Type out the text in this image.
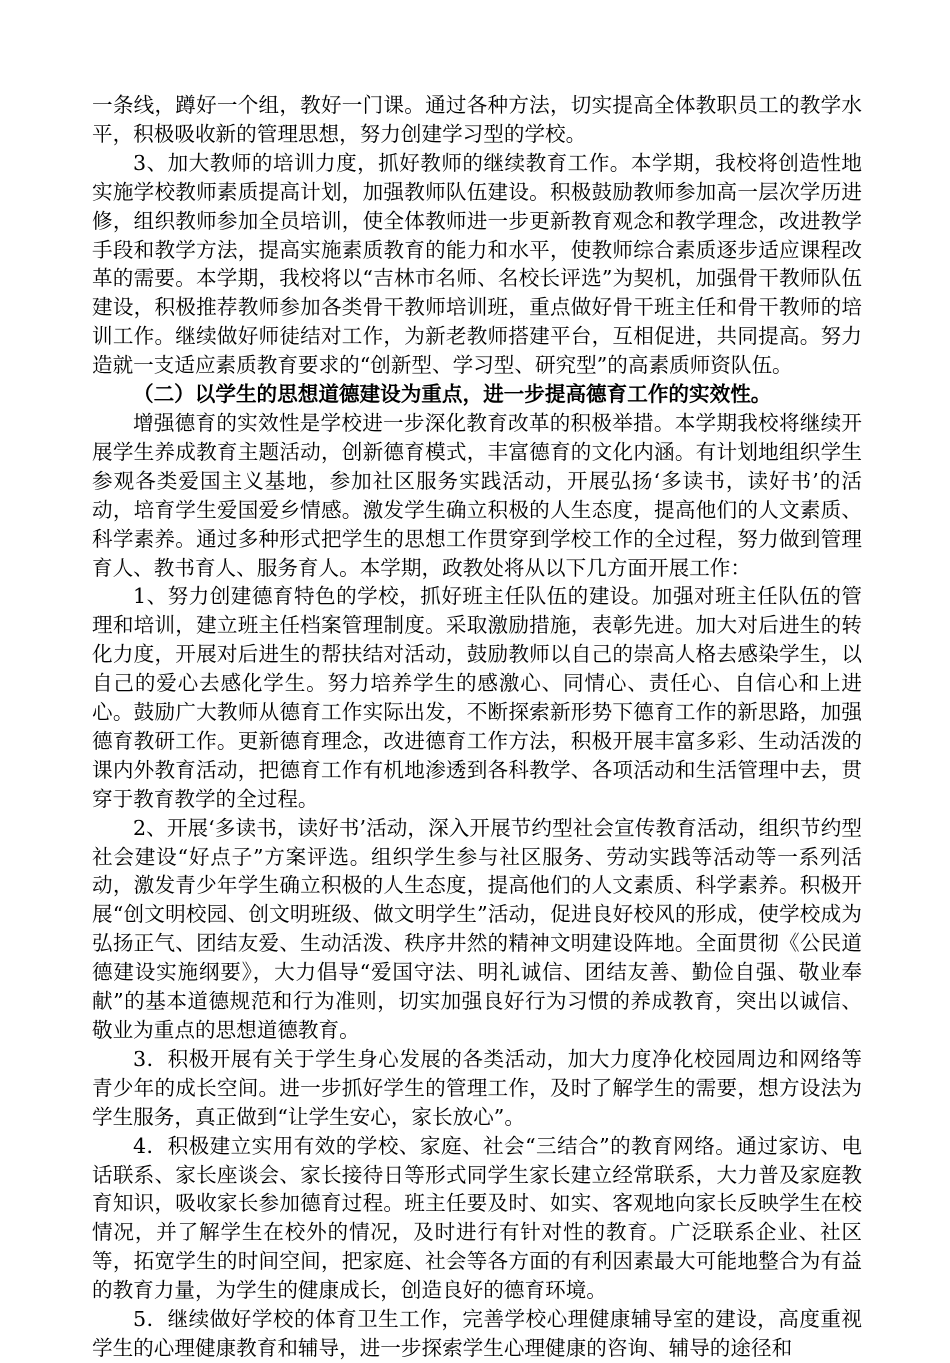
一条线，蹲好一个组，教好一门课。通过各种方法，切实提高全体教职员工的教学水平，积极吸收新的管理思想，努力创建学习型的学校。

3、加大教师的培训力度，抓好教师的继续教育工作。本学期，我校将创造性地实施学校教师素质提高计划，加强教师队伍建设。积极鼓励教师参加高一层次学历进修，组织教师参加全员培训，使全体教师进一步更新教育观念和教学理念，改进教学手段和教学方法，提高实施素质教育的能力和水平，使教师综合素质逐步适应课程改革的需要。本学期，我校将以“吉林市名师、名校长评选”为契机，加强骨干教师队伍建设，积极推荐教师参加各类骨干教师培训班，重点做好骨干班主任和骨干教师的培训工作。继续做好师徒结对工作，为新老教师搭建平台，互相促进，共同提高。努力造就一支适应素质教育要求的“创新型、学习型、研究型”的高素质师资队伍。

（二）以学生的思想道德建设为重点，进一步提高德育工作的实效性。

增强德育的实效性是学校进一步深化教育改革的积极举措。本学期我校将继续开展学生养成教育主题活动，创新德育模式，丰富德育的文化内涵。有计划地组织学生参观各类爱国主义基地，参加社区服务实践活动，开展弘扬‘多读书，读好书’的活动，培育学生爱国爱乡情感。激发学生确立积极的人生态度，提高他们的人文素质、科学素养。通过多种形式把学生的思想工作贯穿到学校工作的全过程，努力做到管理育人、教书育人、服务育人。本学期，政教处将从以下几方面开展工作：

1、努力创建德育特色的学校，抓好班主任队伍的建设。加强对班主任队伍的管理和培训，建立班主任档案管理制度。采取激励措施，表彰先进。加大对后进生的转化力度，开展对后进生的帮扶结对活动，鼓励教师以自己的崇高人格去感染学生，以自己的爱心去感化学生。努力培养学生的感激心、同情心、责任心、自信心和上进心。鼓励广大教师从德育工作实际出发，不断探索新形势下德育工作的新思路，加强德育教研工作。更新德育理念，改进德育工作方法，积极开展丰富多彩、生动活泼的课内外教育活动，把德育工作有机地渗透到各科教学、各项活动和生活管理中去，贯穿于教育教学的全过程。

2、开展‘多读书，读好书’活动，深入开展节约型社会宣传教育活动，组织节约型社会建设“好点子”方案评选。组织学生参与社区服务、劳动实践等活动等一系列活动，激发青少年学生确立积极的人生态度，提高他们的人文素质、科学素养。积极开展“创文明校园、创文明班级、做文明学生”活动，促进良好校风的形成，使学校成为弘扬正气、团结友爱、生动活泼、秩序井然的精神文明建设阵地。全面贯彻《公民道德建设实施纲要》，大力倡导“爱国守法、明礼诚信、团结友善、勤俭自强、敬业奉献”的基本道德规范和行为准则，切实加强良好行为习惯的养成教育，突出以诚信、敬业为重点的思想道德教育。

3．积极开展有关于学生身心发展的各类活动，加大力度净化校园周边和网络等青少年的成长空间。进一步抓好学生的管理工作，及时了解学生的需要，想方设法为学生服务，真正做到“让学生安心，家长放心”。

4．积极建立实用有效的学校、家庭、社会“三结合”的教育网络。通过家访、电话联系、家长座谈会、家长接待日等形式同学生家长建立经常联系，大力普及家庭教育知识，吸收家长参加德育过程。班主任要及时、如实、客观地向家长反映学生在校情况，并了解学生在校外的情况，及时进行有针对性的教育。广泛联系企业、社区等，拓宽学生的时间空间，把家庭、社会等各方面的有利因素最大可能地整合为有益的教育力量，为学生的健康成长，创造良好的德育环境。

5．继续做好学校的体育卫生工作，完善学校心理健康辅导室的建设，高度重视学生的心理健康教育和辅导，进一步探索学生心理健康的咨询、辅导的途径和
